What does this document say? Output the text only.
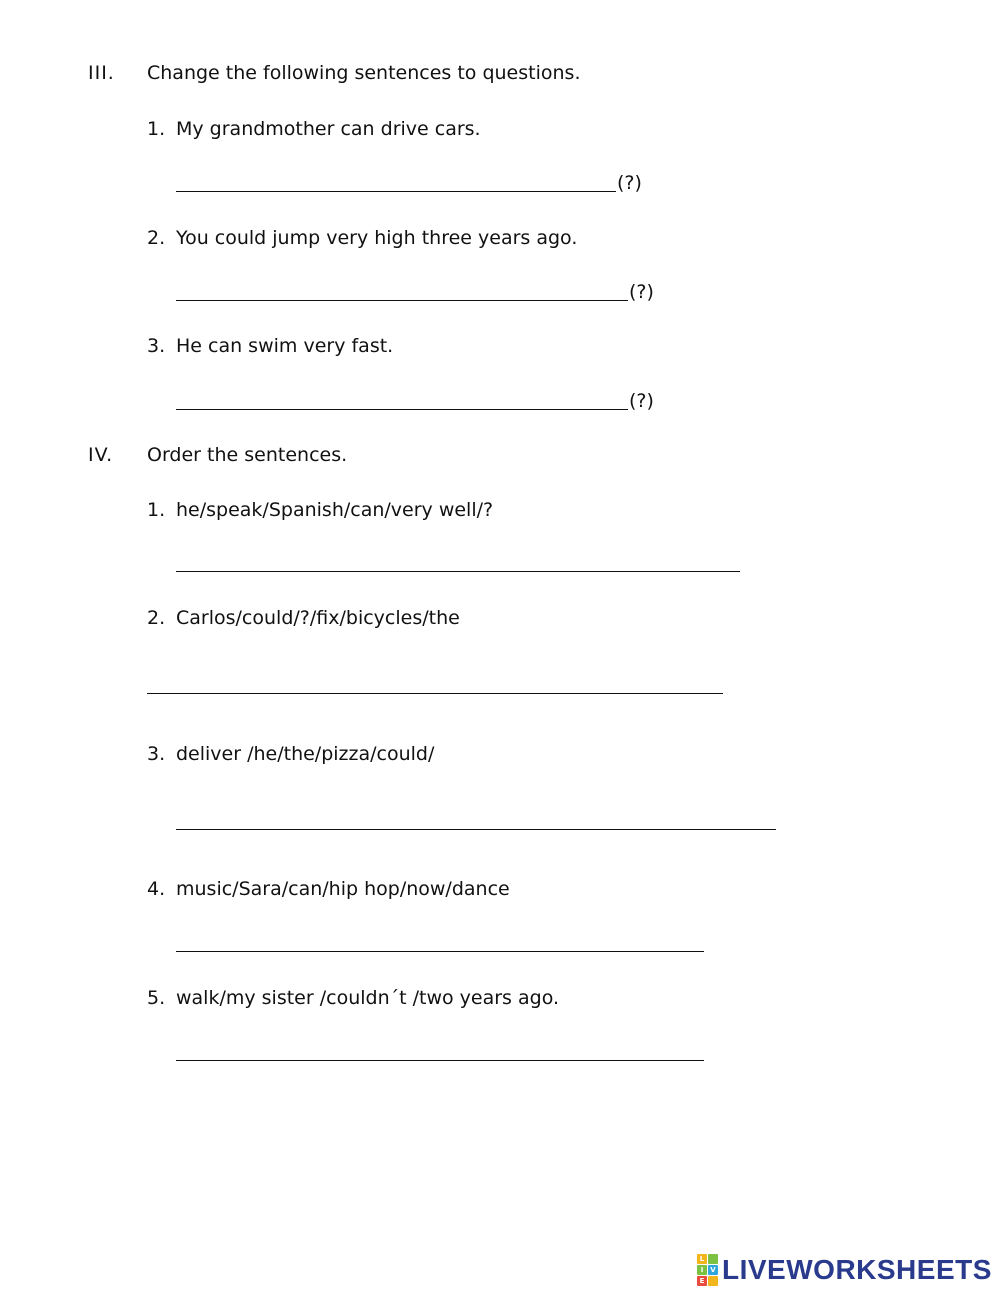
III. Change the following sentences to questions.
1. My grandmother can drive cars.
(?)
2. You could jump very high three years ago.
(?)
3. He can swim very fast.
(?)
IV. Order the sentences.
1. he/speak/Spanish/can/very well/?
2. Carlos/could/?/fix/bicycles/the
3. deliver /he/the/pizza/could/
4. music/Sara/can/hip hop/now/dance
5. walk/my sister /couldn´t /two years ago.
L
I V
E LIVEWORKSHEETS
